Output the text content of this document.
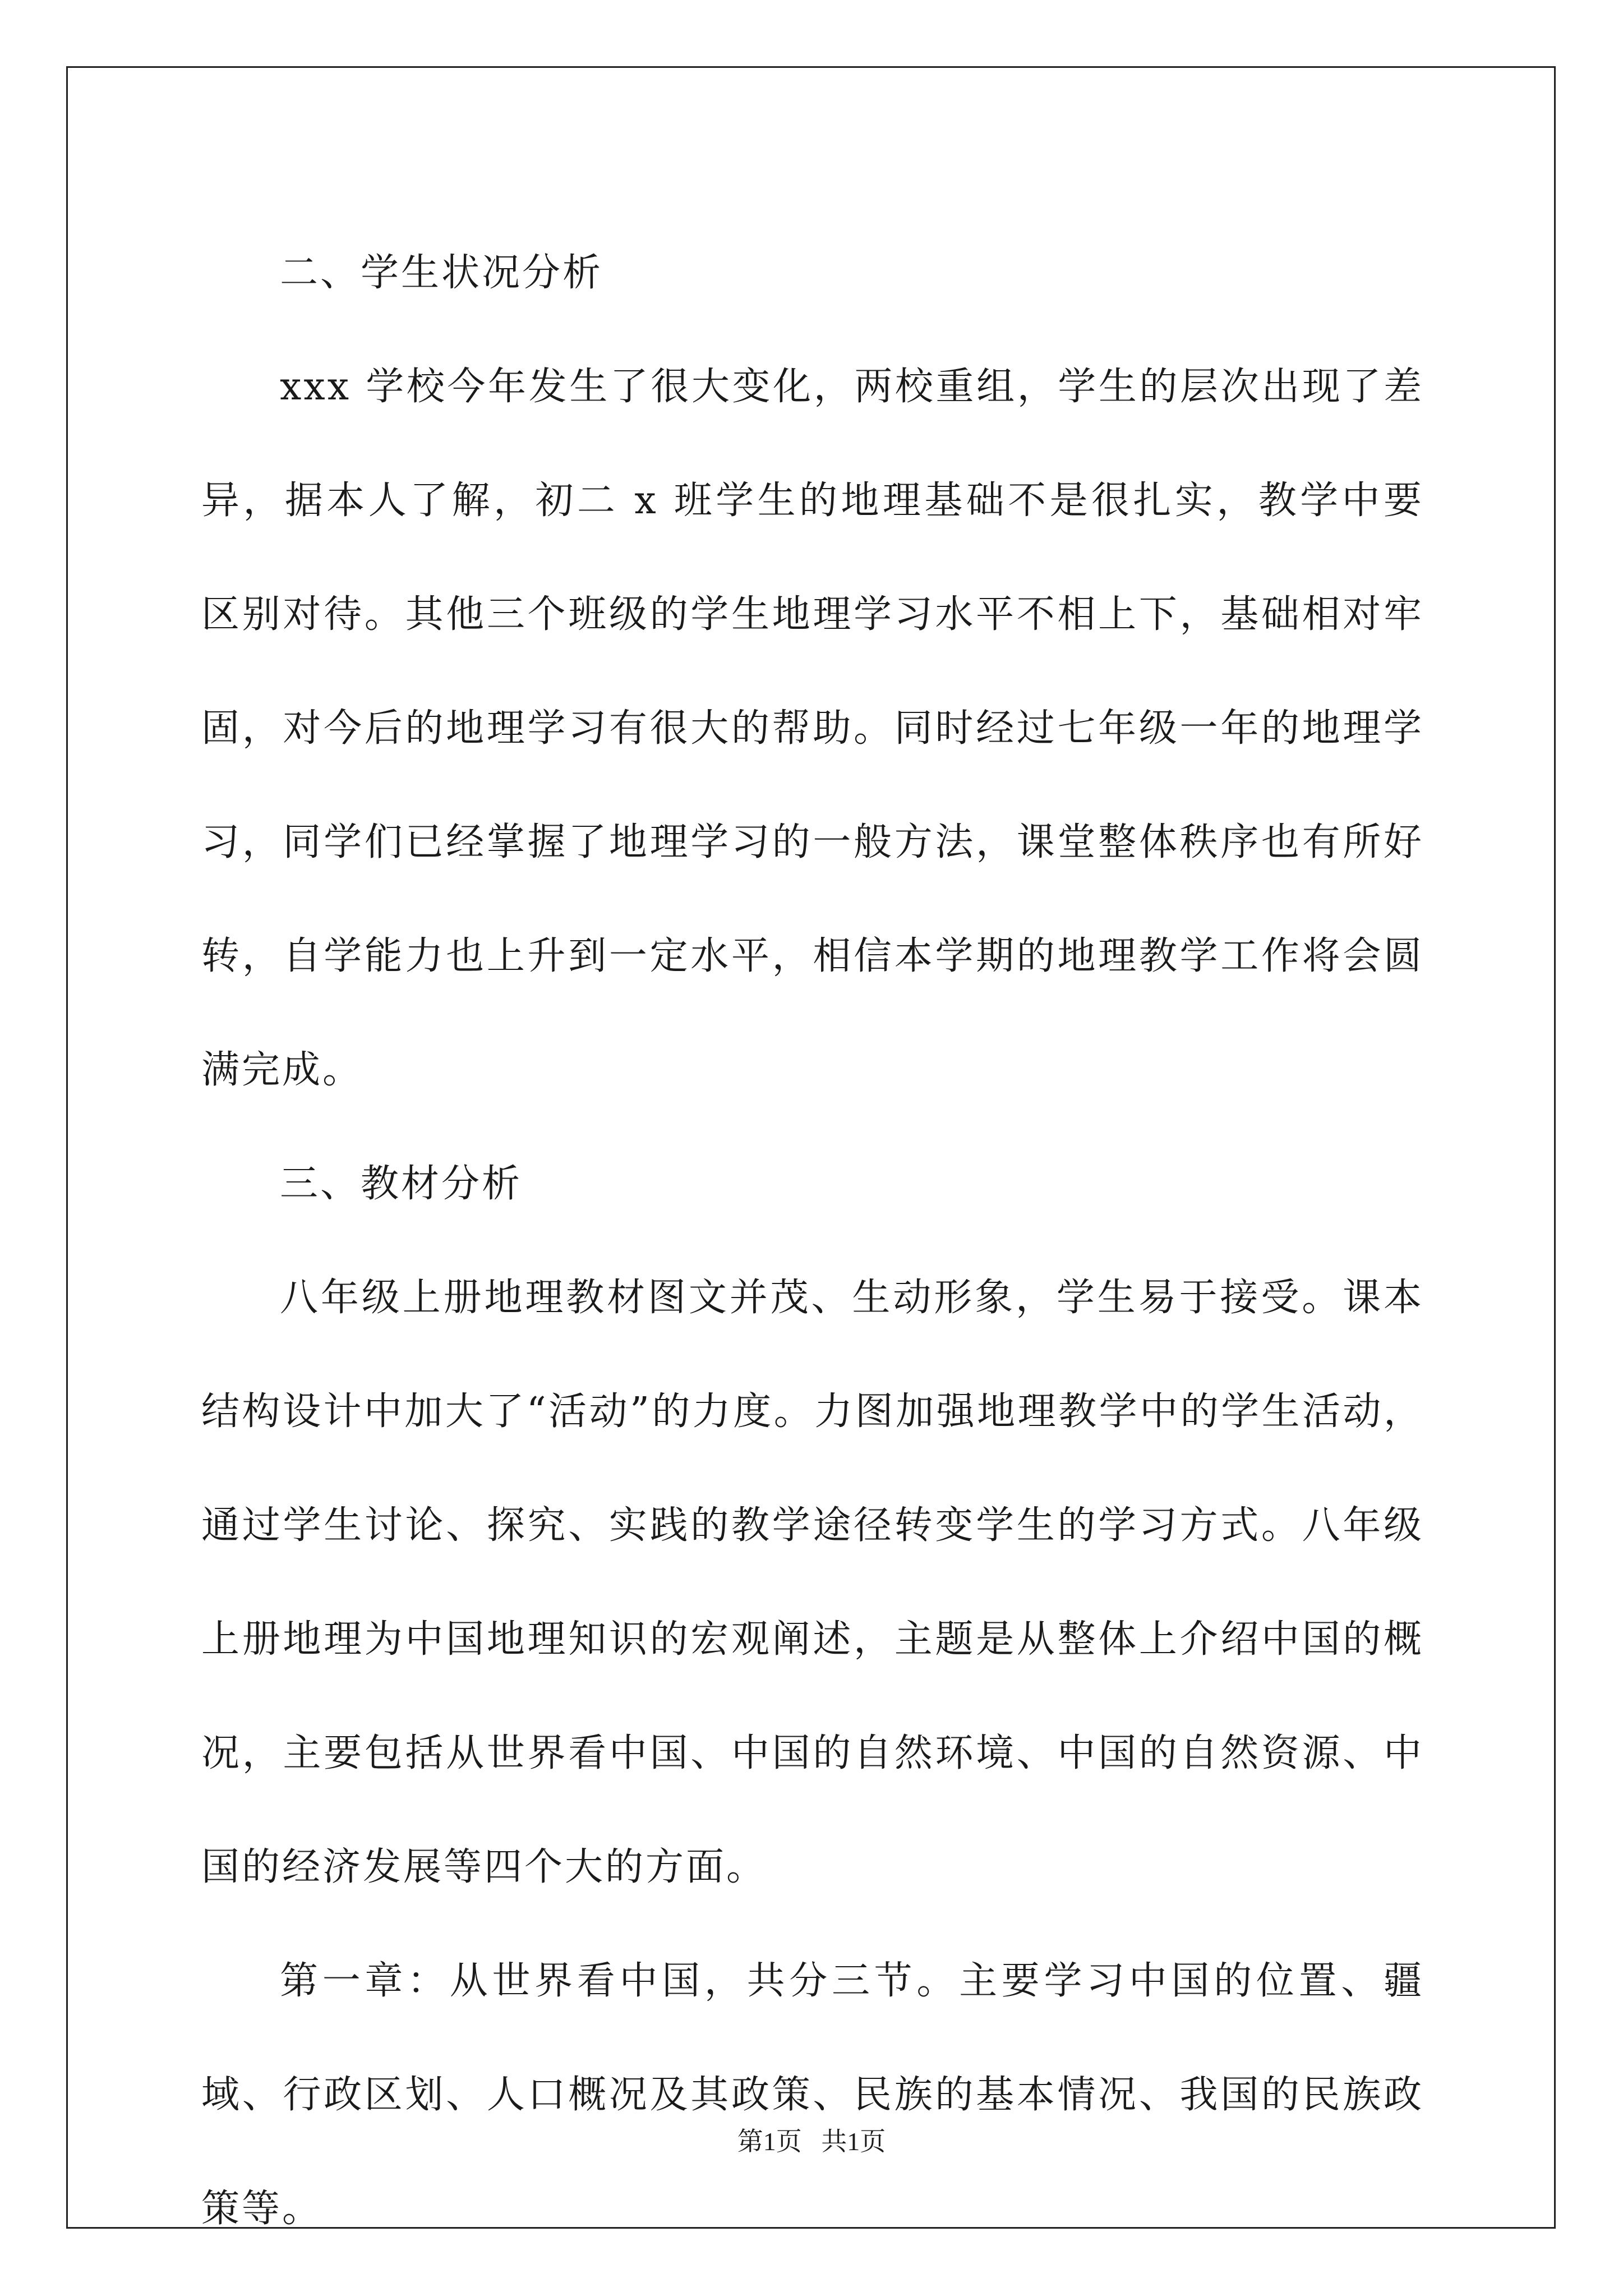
二、学生状况分析

xxx 学校今年发生了很大变化，两校重组，学生的层次出现了差异，据本人了解，初二 x 班学生的地理基础不是很扎实，教学中要区别对待。其他三个班级的学生地理学习水平不相上下，基础相对牢固，对今后的地理学习有很大的帮助。同时经过七年级一年的地理学习，同学们已经掌握了地理学习的一般方法，课堂整体秩序也有所好转，自学能力也上升到一定水平，相信本学期的地理教学工作将会圆满完成。

三、教材分析

八年级上册地理教材图文并茂、生动形象，学生易于接受。课本结构设计中加大了“活动”的力度。力图加强地理教学中的学生活动，通过学生讨论、探究、实践的教学途径转变学生的学习方式。八年级上册地理为中国地理知识的宏观阐述，主题是从整体上介绍中国的概况，主要包括从世界看中国、中国的自然环境、中国的自然资源、中国的经济发展等四个大的方面。

第一章：从世界看中国，共分三节。主要学习中国的位置、疆域、行政区划、人口概况及其政策、民族的基本情况、我国的民族政策等。

第1页 共1页
